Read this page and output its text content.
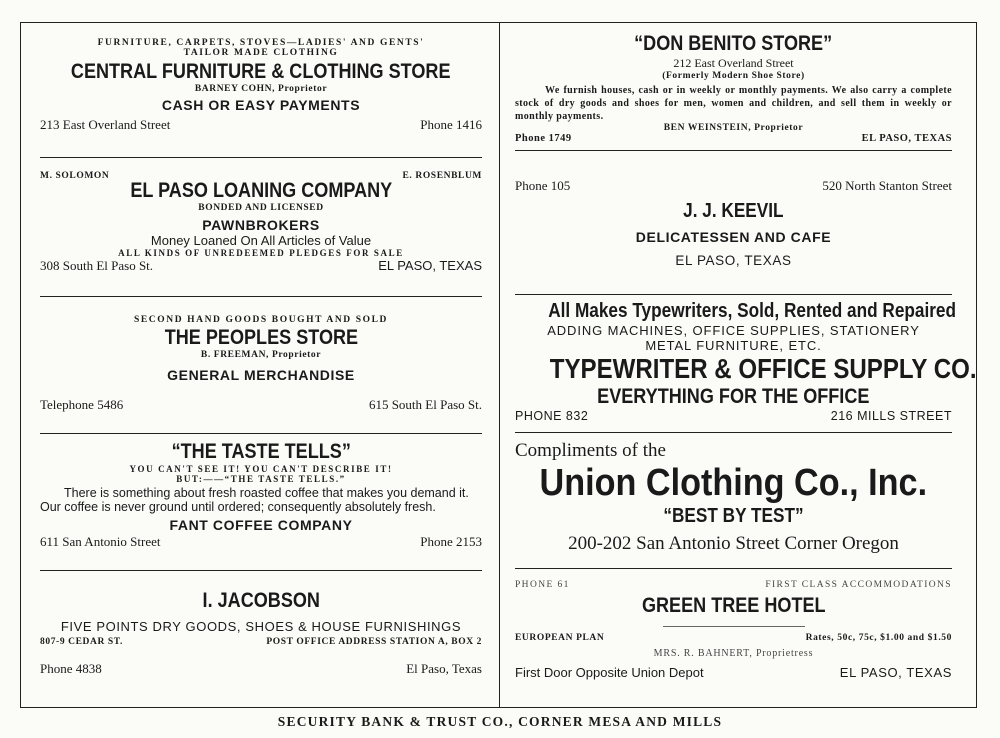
FURNITURE, CARPETS, STOVES—LADIES' AND GENTS'
TAILOR MADE CLOTHING
CENTRAL FURNITURE & CLOTHING STORE
BARNEY COHN, Proprietor
CASH OR EASY PAYMENTS
213 East Overland Street	Phone 1416
M. SOLOMON	E. ROSENBLUM
EL PASO LOANING COMPANY
BONDED AND LICENSED
PAWNBROKERS
Money Loaned On All Articles of Value
ALL KINDS OF UNREDEEMED PLEDGES FOR SALE
308 South El Paso St.	EL PASO, TEXAS
SECOND HAND GOODS BOUGHT AND SOLD
THE PEOPLES STORE
B. FREEMAN, Proprietor
GENERAL MERCHANDISE
Telephone 5486	615 South El Paso St.
“THE TASTE TELLS”
YOU CAN'T SEE IT! YOU CAN'T DESCRIBE IT!
BUT:——“THE TASTE TELLS.”
There is something about fresh roasted coffee that makes you demand it. Our coffee is never ground until ordered; consequently absolutely fresh.
FANT COFFEE COMPANY
611 San Antonio Street	Phone 2153
I. JACOBSON
FIVE POINTS DRY GOODS, SHOES & HOUSE FURNISHINGS
807-9 CEDAR ST.	POST OFFICE ADDRESS STATION A, BOX 2
Phone 4838	El Paso, Texas
“DON BENITO STORE”
212 East Overland Street
(Formerly Modern Shoe Store)
We furnish houses, cash or in weekly or monthly payments. We also carry a complete stock of dry goods and shoes for men, women and children, and sell them in weekly or monthly payments.
BEN WEINSTEIN, Proprietor
Phone 1749	EL PASO, TEXAS
Phone 105	520 North Stanton Street
J. J. KEEVIL
DELICATESSEN AND CAFE
EL PASO, TEXAS
All Makes Typewriters, Sold, Rented and Repaired
ADDING MACHINES, OFFICE SUPPLIES, STATIONERY
METAL FURNITURE, ETC.
TYPEWRITER & OFFICE SUPPLY CO.
EVERYTHING FOR THE OFFICE
PHONE 832	216 MILLS STREET
Compliments of the
Union Clothing Co., Inc.
“BEST BY TEST”
200-202 San Antonio Street Corner Oregon
PHONE 61	FIRST CLASS ACCOMMODATIONS
GREEN TREE HOTEL
EUROPEAN PLAN	Rates, 50c, 75c, $1.00 and $1.50
MRS. R. BAHNERT, Proprietress
First Door Opposite Union Depot	EL PASO, TEXAS
SECURITY BANK & TRUST CO., CORNER MESA AND MILLS
